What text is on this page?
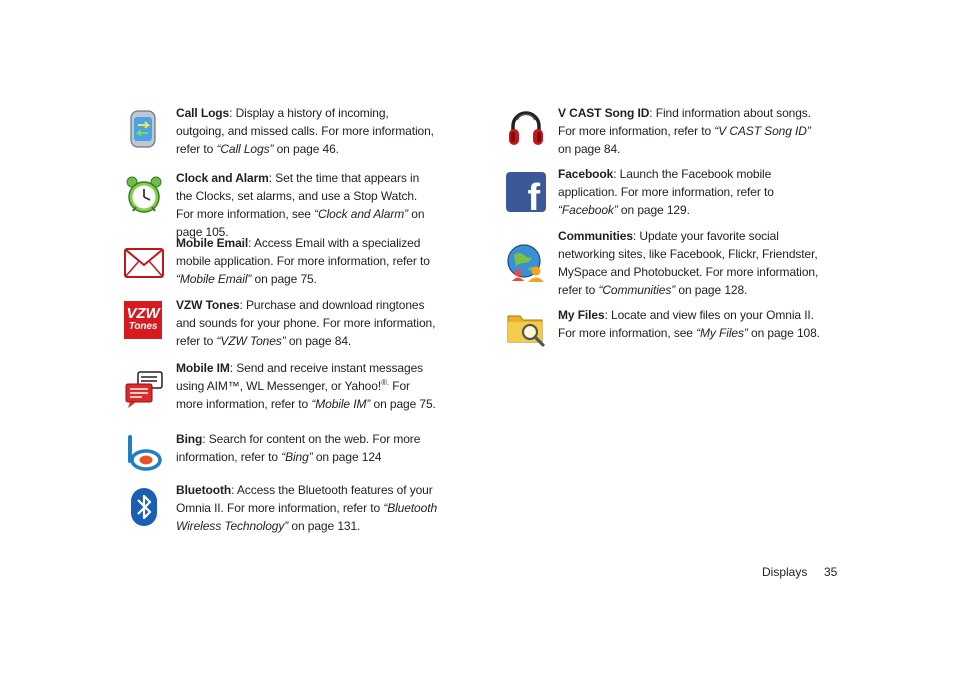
Call Logs: Display a history of incoming, outgoing, and missed calls. For more information, refer to “Call Logs” on page 46.
Clock and Alarm: Set the time that appears in the Clocks, set alarms, and use a Stop Watch. For more information, see “Clock and Alarm” on page 105.
Mobile Email: Access Email with a specialized mobile application. For more information, refer to “Mobile Email” on page 75.
VZW
Tones
VZW Tones: Purchase and download ringtones and sounds for your phone. For more information, refer to “VZW Tones” on page 84.
Mobile IM: Send and receive instant messages using AIM™, WL Messenger, or Yahoo!®. For more information, refer to “Mobile IM” on page 75.
Bing: Search for content on the web. For more information, refer to “Bing” on page 124
Bluetooth: Access the Bluetooth features of your Omnia II. For more information, refer to “Bluetooth Wireless Technology” on page 131.
V CAST Song ID: Find information about songs. For more information, refer to “V CAST Song ID” on page 84.
f
Facebook: Launch the Facebook mobile application. For more information, refer to “Facebook” on page 129.
Communities: Update your favorite social networking sites, like Facebook, Flickr, Friendster, MySpace and Photobucket. For more information, refer to “Communities” on page 128.
My Files: Locate and view files on your Omnia II. For more information, see “My Files” on page 108.
Displays 35
